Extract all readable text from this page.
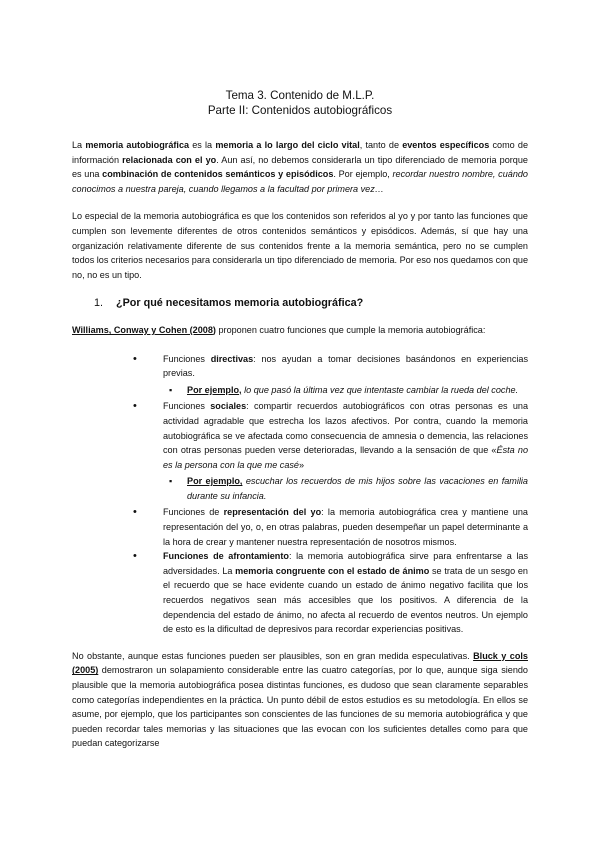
Tema 3. Contenido de M.L.P.
Parte II: Contenidos autobiográficos

La memoria autobiográfica es la memoria a lo largo del ciclo vital, tanto de eventos específicos como de información relacionada con el yo. Aun así, no debemos considerarla un tipo diferenciado de memoria porque es una combinación de contenidos semánticos y episódicos. Por ejemplo, recordar nuestro nombre, cuándo conocimos a nuestra pareja, cuando llegamos a la facultad por primera vez…

Lo especial de la memoria autobiográfica es que los contenidos son referidos al yo y por tanto las funciones que cumplen son levemente diferentes de otros contenidos semánticos y episódicos. Además, sí que hay una organización relativamente diferente de sus contenidos frente a la memoria semántica, pero no se cumplen todos los criterios necesarios para considerarla un tipo diferenciado de memoria. Por eso nos quedamos con que no, no es un tipo.

1.	¿Por qué necesitamos memoria autobiográfica?

Williams, Conway y Cohen (2008) proponen cuatro funciones que cumple la memoria autobiográfica:

• Funciones directivas: nos ayudan a tomar decisiones basándonos en experiencias previas.
▪ Por ejemplo, lo que pasó la última vez que intentaste cambiar la rueda del coche.
• Funciones sociales: compartir recuerdos autobiográficos con otras personas es una actividad agradable que estrecha los lazos afectivos. Por contra, cuando la memoria autobiográfica se ve afectada como consecuencia de amnesia o demencia, las relaciones con otras personas pueden verse deterioradas, llevando a la sensación de que «Ésta no es la persona con la que me casé»
▪ Por ejemplo, escuchar los recuerdos de mis hijos sobre las vacaciones en familia durante su infancia.
• Funciones de representación del yo: la memoria autobiográfica crea y mantiene una representación del yo, o, en otras palabras, pueden desempeñar un papel determinante a la hora de crear y mantener nuestra representación de nosotros mismos.
• Funciones de afrontamiento: la memoria autobiográfica sirve para enfrentarse a las adversidades. La memoria congruente con el estado de ánimo se trata de un sesgo en el recuerdo que se hace evidente cuando un estado de ánimo negativo facilita que los recuerdos negativos sean más accesibles que los positivos. A diferencia de la dependencia del estado de ánimo, no afecta al recuerdo de eventos neutros. Un ejemplo de esto es la dificultad de depresivos para recordar experiencias positivas.

No obstante, aunque estas funciones pueden ser plausibles, son en gran medida especulativas. Bluck y cols (2005) demostraron un solapamiento considerable entre las cuatro categorías, por lo que, aunque siga siendo plausible que la memoria autobiográfica posea distintas funciones, es dudoso que sean claramente separables como categorías independientes en la práctica. Un punto débil de estos estudios es su metodología. En ellos se asume, por ejemplo, que los participantes son conscientes de las funciones de su memoria autobiográfica y que pueden recordar tales memorias y las situaciones que las evocan con los suficientes detalles como para que puedan categorizarse
